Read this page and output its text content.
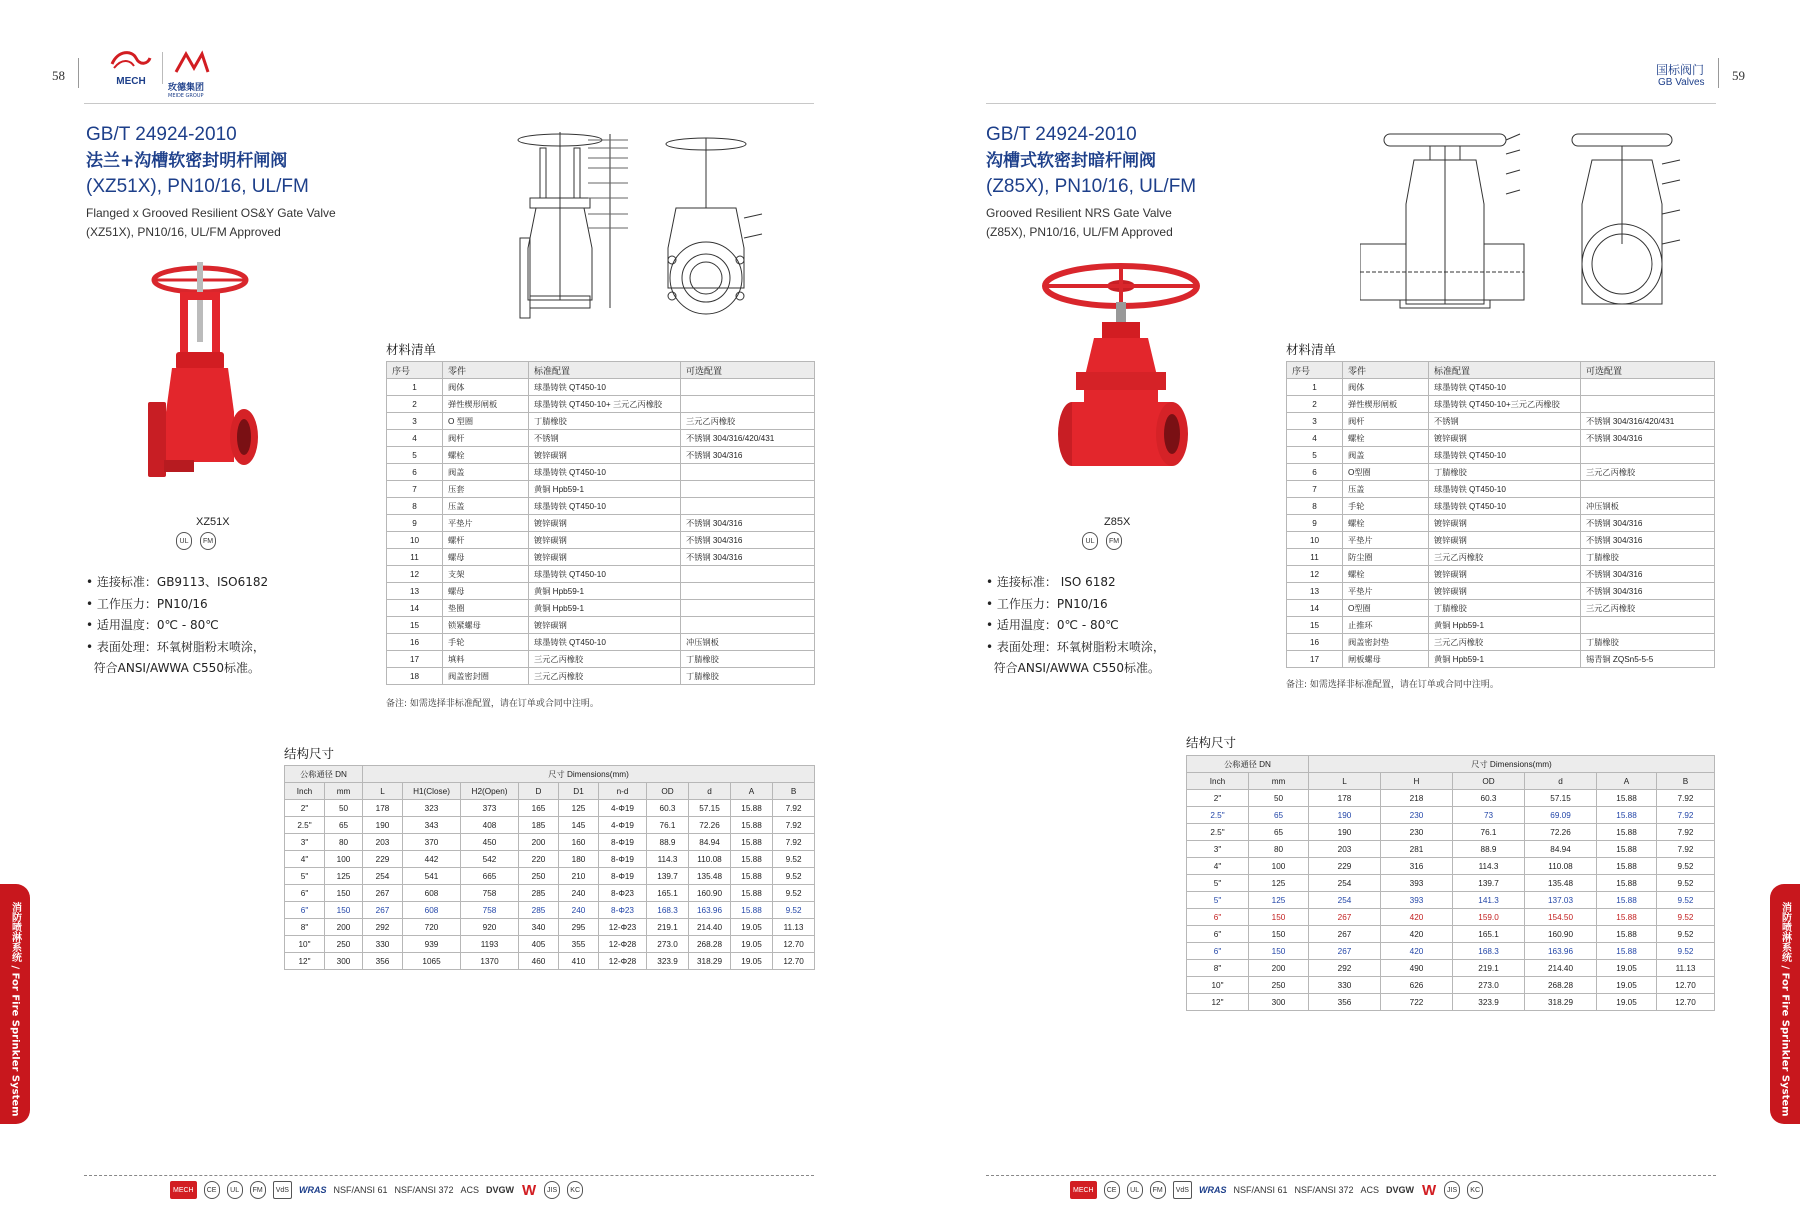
58	MECH
玫德集团
MEIDE GROUP
GB/T 24924-2010
法兰+沟槽软密封明杆闸阀
(XZ51X), PN10/16, UL/FM
Flanged x Grooved Resilient OS&Y Gate Valve
(XZ51X), PN10/16, UL/FM Approved
XZ51X
UL	FM
材料清单
序号	零件	标准配置	可选配置
1	阀体	球墨铸铁 QT450-10	
2	弹性楔形闸板	球墨铸铁 QT450-10+ 三元乙丙橡胶	
3	O 型圈	丁腈橡胶	三元乙丙橡胶
4	阀杆	不锈钢	不锈钢 304/316/420/431
5	螺栓	镀锌碳钢	不锈钢 304/316
6	阀盖	球墨铸铁 QT450-10	
7	压套	黄铜 Hpb59-1	
8	压盖	球墨铸铁 QT450-10	
9	平垫片	镀锌碳钢	不锈钢 304/316
10	螺杆	镀锌碳钢	不锈钢 304/316
11	螺母	镀锌碳钢	不锈钢 304/316
12	支架	球墨铸铁 QT450-10	
13	螺母	黄铜 Hpb59-1	
14	垫圈	黄铜 Hpb59-1	
15	锁紧螺母	镀锌碳钢	
16	手轮	球墨铸铁 QT450-10	冲压钢板
17	填料	三元乙丙橡胶	丁腈橡胶
18	阀盖密封圈	三元乙丙橡胶	丁腈橡胶
备注: 如需选择非标准配置，请在订单或合同中注明。
• 连接标准：GB9113、ISO6182
• 工作压力：PN10/16
• 适用温度：0℃ - 80℃
• 表面处理：环氧树脂粉末喷涂，
符合ANSI/AWWA C550标准。
结构尺寸
公称通径 DN		尺寸 Dimensions(mm)									
Inch	mm	L	H1(Close)	H2(Open)	D	D1	n-d	OD	d	A	B
2"	50	178	323	373	165	125	4-Φ19	60.3	57.15	15.88	7.92
2.5"	65	190	343	408	185	145	4-Φ19	76.1	72.26	15.88	7.92
3"	80	203	370	450	200	160	8-Φ19	88.9	84.94	15.88	7.92
4"	100	229	442	542	220	180	8-Φ19	114.3	110.08	15.88	9.52
5"	125	254	541	665	250	210	8-Φ19	139.7	135.48	15.88	9.52
6"	150	267	608	758	285	240	8-Φ23	165.1	160.90	15.88	9.52
6"	150	267	608	758	285	240	8-Φ23	168.3	163.96	15.88	9.52
8"	200	292	720	920	340	295	12-Φ23	219.1	214.40	19.05	11.13
10"	250	330	939	1193	405	355	12-Φ28	273.0	268.28	19.05	12.70
12"	300	356	1065	1370	460	410	12-Φ28	323.9	318.29	19.05	12.70
消防喷淋系统 / For Fire Sprinkler System
MECH	CE	UL	FM	VdS	WRAS NSF/ANSI 61 NSF/ANSI 372 ACS DVGW W	JIS	KC
国标阀门
GB Valves 59
GB/T 24924-2010
沟槽式软密封暗杆闸阀
(Z85X), PN10/16, UL/FM
Grooved Resilient NRS Gate Valve
(Z85X), PN10/16, UL/FM Approved
Z85X
UL	FM
材料清单
序号	零件	标准配置	可选配置
1	阀体	球墨铸铁 QT450-10	
2	弹性楔形闸板	球墨铸铁 QT450-10+三元乙丙橡胶	
3	阀杆	不锈钢	不锈钢 304/316/420/431
4	螺栓	镀锌碳钢	不锈钢 304/316
5	阀盖	球墨铸铁 QT450-10	
6	O型圈	丁腈橡胶	三元乙丙橡胶
7	压盖	球墨铸铁 QT450-10	
8	手轮	球墨铸铁 QT450-10	冲压钢板
9	螺栓	镀锌碳钢	不锈钢 304/316
10	平垫片	镀锌碳钢	不锈钢 304/316
11	防尘圈	三元乙丙橡胶	丁腈橡胶
12	螺栓	镀锌碳钢	不锈钢 304/316
13	平垫片	镀锌碳钢	不锈钢 304/316
14	O型圈	丁腈橡胶	三元乙丙橡胶
15	止推环	黄铜 Hpb59-1	
16	阀盖密封垫	三元乙丙橡胶	丁腈橡胶
17	闸板螺母	黄铜 Hpb59-1	锡青铜 ZQSn5-5-5
备注: 如需选择非标准配置，请在订单或合同中注明。
• 连接标准： ISO 6182
• 工作压力：PN10/16
• 适用温度：0℃ - 80℃
• 表面处理：环氧树脂粉末喷涂，
符合ANSI/AWWA C550标准。
结构尺寸
公称通径 DN		尺寸 Dimensions(mm)					
Inch	mm	L	H	OD	d	A	B
2"	50	178	218	60.3	57.15	15.88	7.92
2.5"	65	190	230	73	69.09	15.88	7.92
2.5"	65	190	230	76.1	72.26	15.88	7.92
3"	80	203	281	88.9	84.94	15.88	7.92
4"	100	229	316	114.3	110.08	15.88	9.52
5"	125	254	393	139.7	135.48	15.88	9.52
5"	125	254	393	141.3	137.03	15.88	9.52
6"	150	267	420	159.0	154.50	15.88	9.52
6"	150	267	420	165.1	160.90	15.88	9.52
6"	150	267	420	168.3	163.96	15.88	9.52
8"	200	292	490	219.1	214.40	19.05	11.13
10"	250	330	626	273.0	268.28	19.05	12.70
12"	300	356	722	323.9	318.29	19.05	12.70	消防喷淋系统 / For Fire Sprinkler System
MECH	CE	UL	FM	VdS	WRAS NSF/ANSI 61 NSF/ANSI 372 ACS DVGW W	JIS	KC
